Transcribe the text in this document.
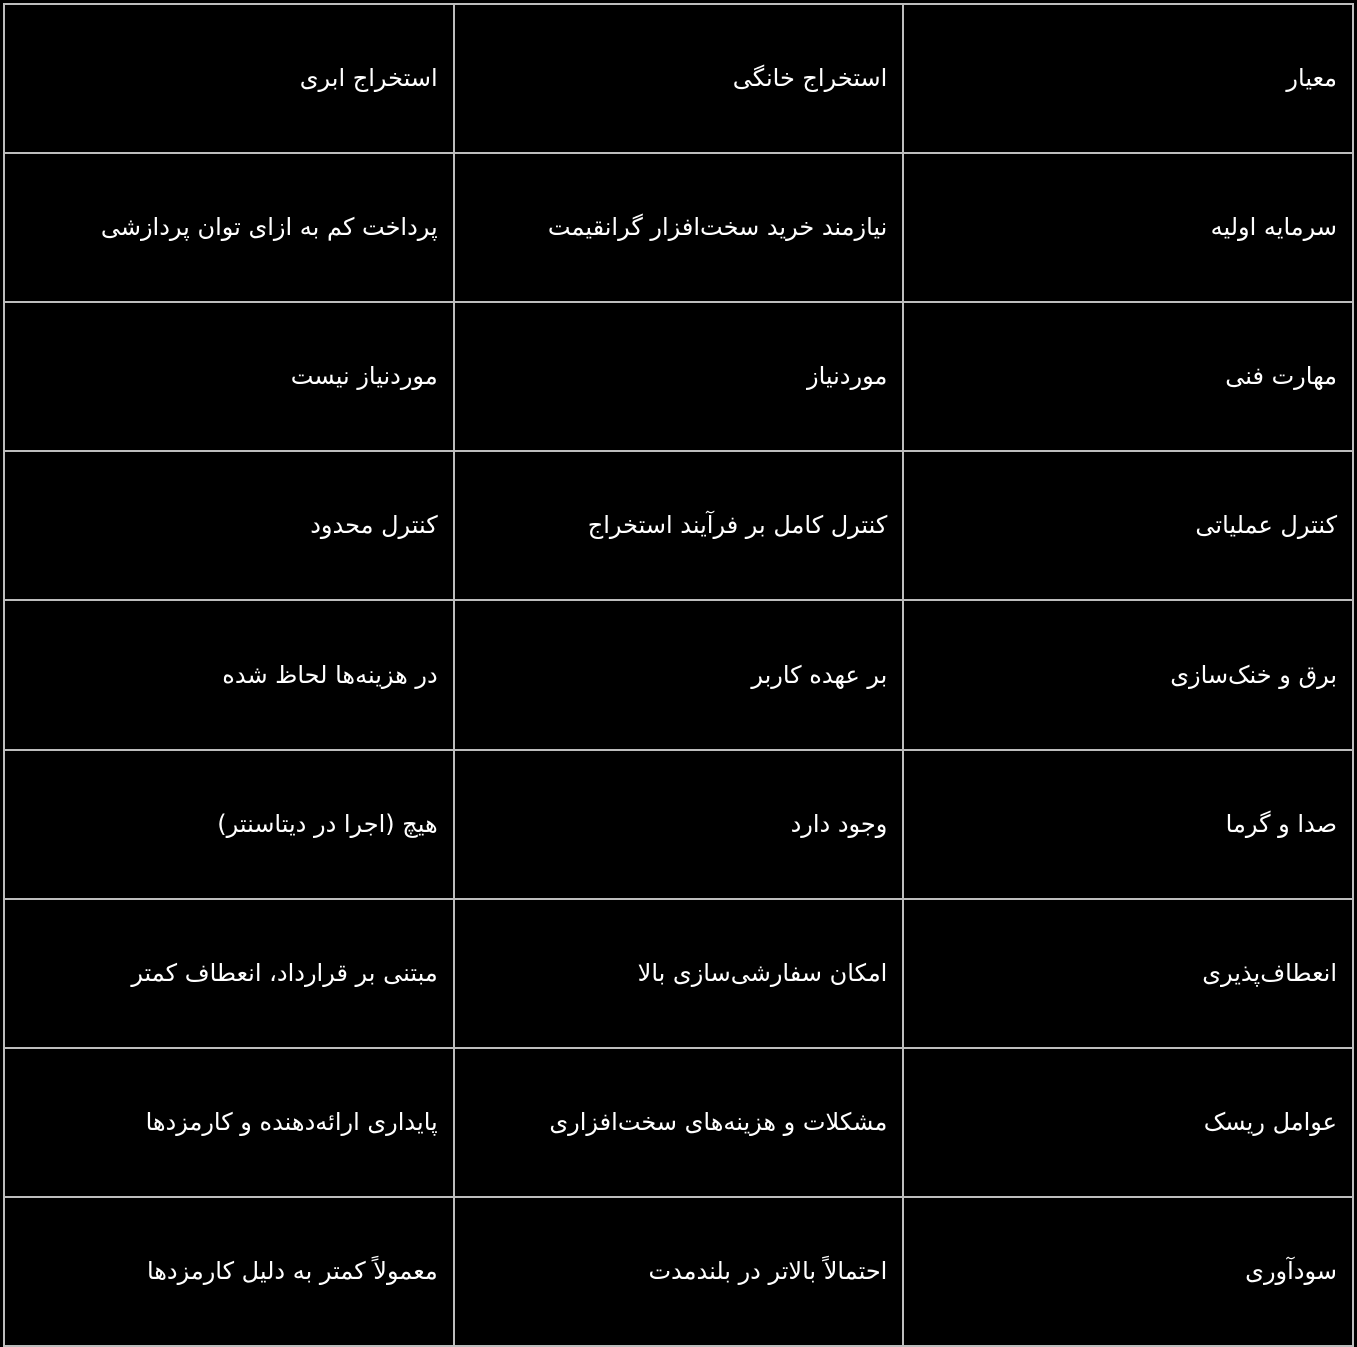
معیار	استخراج خانگی	استخراج ابری
سرمایه اولیه	نیازمند خرید سخت‌افزار گرانقیمت	پرداخت کم به ازای توان پردازشی
مهارت فنی	موردنیاز	موردنیاز نیست
کنترل عملیاتی	کنترل کامل بر فرآیند استخراج	کنترل محدود
برق و خنک‌سازی	بر عهده کاربر	در هزینه‌ها لحاظ شده
صدا و گرما	وجود دارد	هیچ (اجرا در دیتاسنتر)
انعطاف‌پذیری	امکان سفارشی‌سازی بالا	مبتنی بر قرارداد، انعطاف کمتر
عوامل ریسک	مشکلات و هزینه‌های سخت‌افزاری	پایداری ارائه‌دهنده و کارمزدها
سودآوری	احتمالاً بالاتر در بلندمدت	معمولاً کمتر به دلیل کارمزدها
